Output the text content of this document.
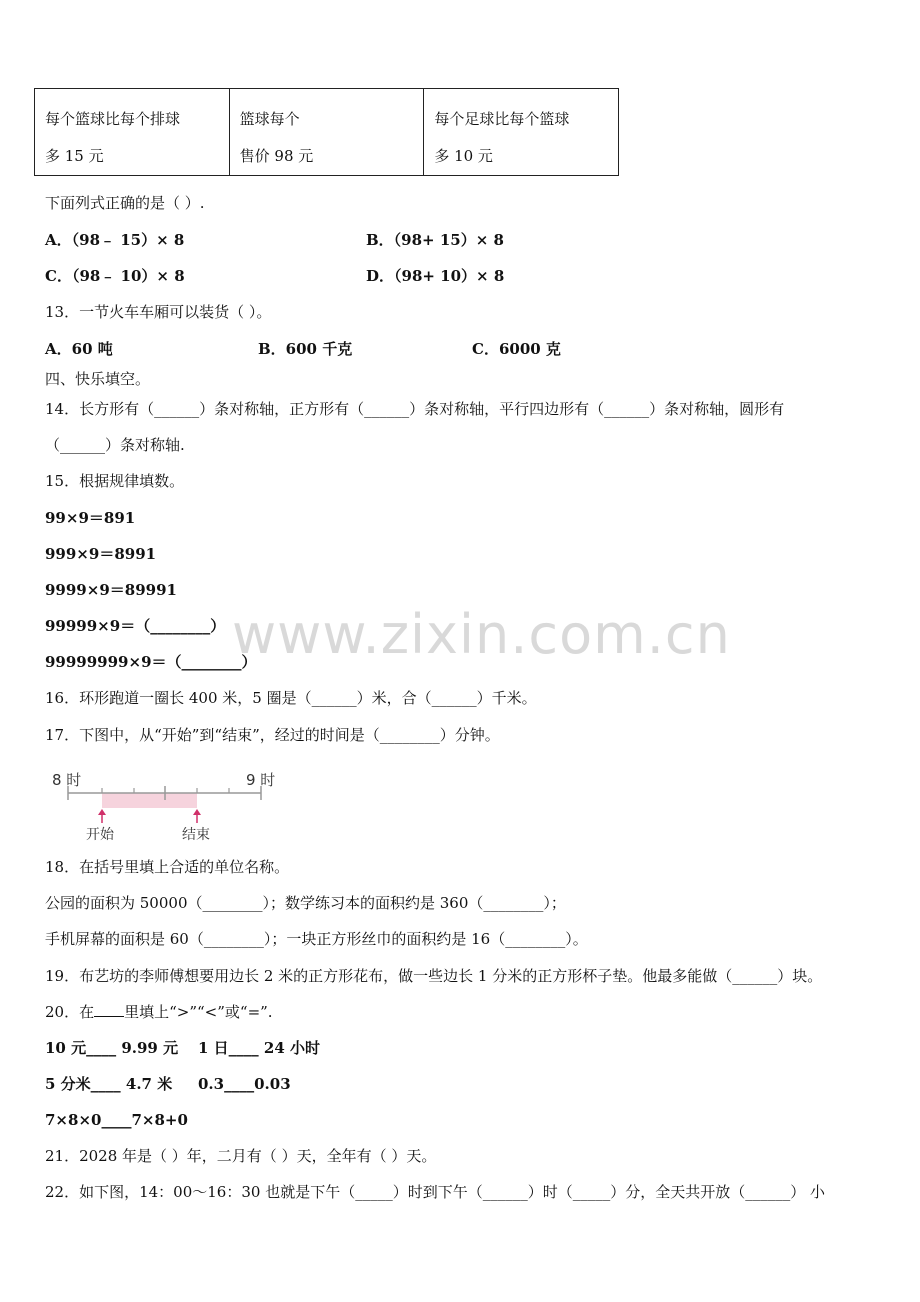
每个篮球比每个排球
多 15 元

篮球每个
售价 98 元

每个足球比每个篮球
多 10 元
下面列式正确的是（ ）.
A．（98﹣ 15）× 8	B．（98+ 15）× 8
C．（98﹣ 10）× 8	D．（98+ 10）× 8
13．一节火车车厢可以装货（ ）。
A．60 吨	B．600 千克	C．6000 克
四、快乐填空。
14．长方形有（______）条对称轴，正方形有（______）条对称轴，平行四边形有（______）条对称轴，圆形有
（______）条对称轴.
15．根据规律填数。
99×9＝891
999×9＝8991
9999×9＝89991
99999×9＝（________）
99999999×9＝（________）
16．环形跑道一圈长 400 米，5 圈是（______）米，合（______）千米。
17．下图中，从“开始”到“结束”，经过的时间是（________）分钟。
8 时	9 时
开始	结束
18．在括号里填上合适的单位名称。
公园的面积为 50000（________）；数学练习本的面积约是 360（________）；
手机屏幕的面积是 60（________）；一块正方形丝巾的面积约是 16（________）。
19．布艺坊的李师傅想要用边长 2 米的正方形花布，做一些边长 1 分米的正方形杯子垫。他最多能做（______）块。
20．在 里填上“>”“<”或“=”.
10 元____ 9.99 元 1 日____ 24 小时
5 分米____ 4.7 米 0.3____0.03
7×8×0____7×8+0
21．2028 年是（ ）年，二月有（ ）天，全年有（ ）天。
22．如下图，14：00～16：30 也就是下午（_____）时到下午（______）时（_____）分，全天共开放（______） 小
www.zixin.com.cn
